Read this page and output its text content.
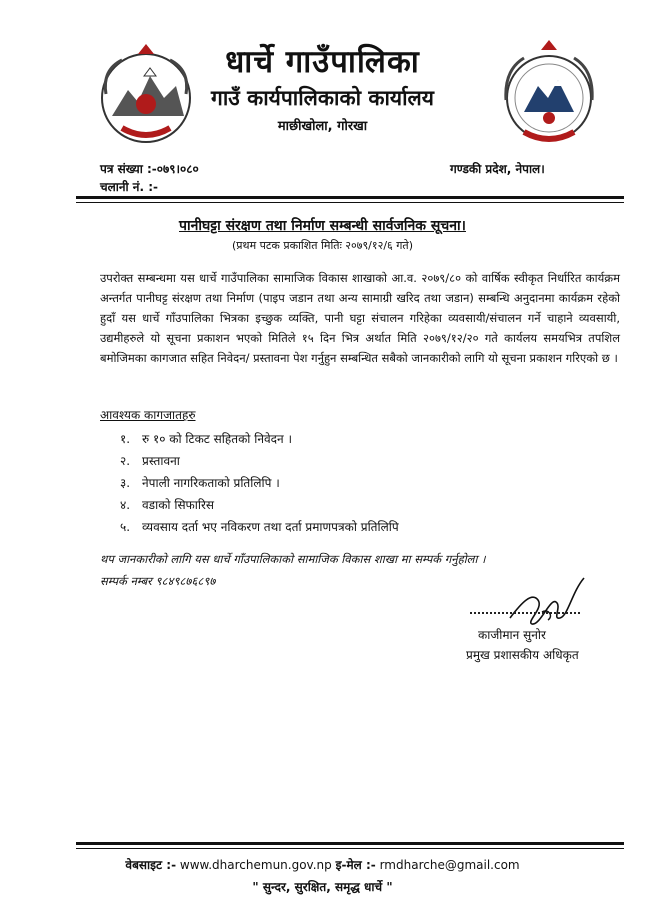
धार्चे गाउँपालिका
गाउँ कार्यपालिकाको कार्यालय
माछीखोला, गोरखा
पत्र संख्या :-०७९।०८०
चलानी नं. :-
गण्डकी प्रदेश, नेपाल।
पानीघट्टा संरक्षण तथा निर्माण सम्बन्धी सार्वजनिक सूचना।
(प्रथम पटक प्रकाशित मितिः २०७९/१२/६ गते)
उपरोक्त सम्बन्धमा यस धार्चे गाउँपालिका सामाजिक विकास शाखाको आ.व. २०७९/८० को वार्षिक स्वीकृत निर्धारित कार्यक्रम अन्तर्गत पानीघट्ट संरक्षण तथा निर्माण (पाइप जडान तथा अन्य सामाग्री खरिद तथा जडान) सम्बन्धि अनुदानमा कार्यक्रम रहेको हुदाँ यस धार्चे गाँउपालिका भित्रका इच्छुक व्यक्ति, पानी घट्टा संचालन गरिहेका व्यवसायी/संचालन गर्ने चाहाने व्यवसायी, उद्यमीहरुले यो सूचना प्रकाशन भएको मितिले १५ दिन भित्र अर्थात मिति २०७९/१२/२० गते कार्यलय समयभित्र तपशिल बमोजिमका कागजात सहित निवेदन/ प्रस्तावना पेश गर्नुहुन सम्बन्धित सबैको जानकारीको लागि यो सूचना प्रकाशन गरिएको छ ।
आवश्यक कागजातहरु
१. रु १० को टिकट सहितको निवेदन ।
२. प्रस्तावना
३. नेपाली नागरिकताको प्रतिलिपि ।
४. वडाको सिफारिस
५. व्यवसाय दर्ता भए नविकरण तथा दर्ता प्रमाणपत्रको प्रतिलिपि
थप जानकारीको लागि यस धार्चे गाँउपालिकाको सामाजिक विकास शाखा मा सम्पर्क गर्नुहोला ।
सम्पर्क नम्बर ९८४९८७६८९७
काजीमान सुनोर
प्रमुख प्रशासकीय अधिकृत
वेबसाइट :- www.dharchemun.gov.np इ-मेल :- rmdharche@gmail.com
" सुन्दर, सुरक्षित, समृद्ध धार्चे "
